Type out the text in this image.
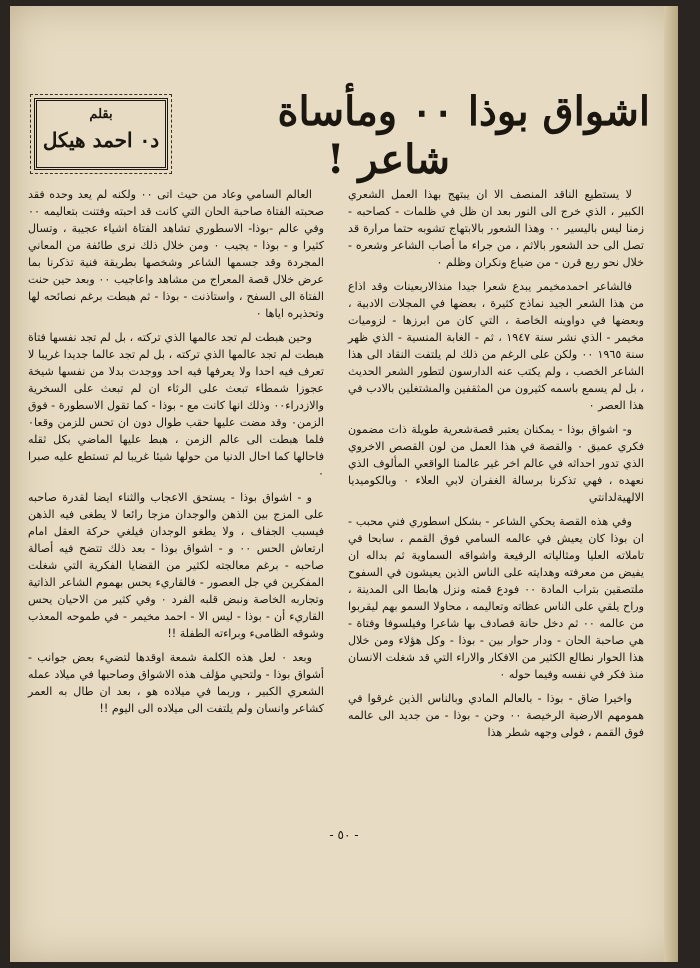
اشواق بوذا ٠٠ ومأساة
شاعر !
بقلم
د٠ احمد هيكل

لا يستطيع الناقد المنصف الا ان يبتهج بهذا العمل الشعري الكبير ، الذي خرج الى النور بعد ان ظل في ظلمات - كصاحبه - زمنا ليس باليسير ٠٠ وهذا الشعور بالابتهاج تشوبه حتما مرارة قد تصل الى حد الشعور بالاثم ، من جراء ما أصاب الشاعر وشعره - خلال نحو ربع قرن - من ضياع ونكران وظلم ٠

فالشاعر احمدمخيمر يبدع شعرا جيدا منذالاربعينات وقد اذاع من هذا الشعر الجيد نماذج كثيرة ، بعضها في المجلات الادبية ، وبعضها في دواوينه الخاصة ، التي كان من ابرزها - لزوميات مخيمر - الذي نشر سنة ١٩٤٧ ، ثم - الغابة المنسية - الذي ظهر سنة ١٩٦٥ ٠٠ ولكن على الرغم من ذلك لم يلتفت النقاد الى هذا الشاعر الخصب ، ولم يكتب عنه الدارسون لتطور الشعر الحديث ، بل لم يسمع باسمه كثيرون من المثقفين والمشتغلين بالادب في هذا العصر ٠

و- اشواق بوذا - يمكنان يعتبر قصةشعرية طويلة ذات مضمون فكري عميق ٠ والقصة في هذا العمل من لون القصص الاخروي الذي تدور احداثه في عالم اخر غير عالمنا الواقعي المألوف الذي نعهده ، فهي تذكرنا برسالة الغفران لابي العلاء ٠ وبالكوميديا الالهيةلدانتي

وفي هذه القصة يحكي الشاعر - بشكل اسطوري فني محبب - ان بوذا كان يعيش في عالمه السامي فوق القمم ، سابحا في تاملاته العليا ومثالياته الرفيعة واشواقه السماوية ثم بداله ان يفيض من معرفته وهدايته على الناس الذين يعيشون في السفوح ملتصقين بتراب المادة ٠٠ فودع قمته ونزل هابطا الى المدينة ، وراح يلقي على الناس عظاته وتعاليمه ، محاولا السمو بهم ليقربوا من عالمه ٠٠ ثم دخل حانة فصادف بها شاعرا وفيلسوفا وفتاة - هي صاحبة الحان - ودار حوار بين - بوذا - وكل هؤلاء ومن خلال هذا الحوار نطالع الكثير من الافكار والاراء التي قد شغلت الانسان منذ فكر في نفسه وفيما حوله ٠

واخيرا ضاق - بوذا - بالعالم المادي وبالناس الذين غرقوا في همومهم الارضية الرخيصة ٠٠ وحن - بوذا - من جديد الى عالمه فوق القمم ، فولى وجهه شطر هذا

العالم السامي وعاد من حيث اتى ٠٠ ولكنه لم يعد وحده فقد صحبته الفتاة صاحبة الحان التي كانت قد احبته وفتنت بتعاليمه ٠٠ وفي عالم -بوذا- الاسطوري تشاهد الفتاة اشياء عجيبة ، وتسال كثيرا و - بوذا - يجيب ٠ ومن خلال ذلك نرى طائفة من المعاني المجردة وقد جسمها الشاعر وشخصها بطريقة فنية تذكرنا بما عرض خلال قصة المعراج من مشاهد واعاجيب ٠٠ وبعد حين حنت الفتاة الى السفح ، واستاذنت - بوذا - ثم هبطت برغم نصائحه لها وتحذيره اياها ٠

وحين هبطت لم تجد عالمها الذي تركته ، بل لم تجد نفسها فتاة هبطت لم تجد عالمها الذي تركته ، بل لم تجد عالما جديدا غريبا لا تعرف فيه احدا ولا يعرفها فيه احد ووجدت بدلا من نفسها شيخة عجوزا شمطاء تبعث على الرثاء ان لم تبعث على السخرية والازدراء٠٠ وذلك انها كانت مع - بوذا - كما تقول الاسطورة - فوق الزمن٠ وقد مضت عليها حقب طوال دون ان تحس للزمن وقعا٠ فلما هبطت الى عالم الزمن ، هبط عليها الماضي بكل ثقله فاحالها كما احال الدنيا من حولها شيئا غريبا لم تستطع عليه صبرا ٠

و - اشواق بوذا - يستحق الاعجاب والثناء ايضا لقدرة صاحبه على المزج بين الذهن والوجدان مزجا رائعا لا يطغى فيه الذهن فيسبب الجفاف ، ولا يطغو الوجدان فيلغي حركة العقل امام ارتعاش الحس ٠٠ و - اشواق بوذا - بعد ذلك تتضح فيه أصالة صاحبه - برغم معالجته لكثير من القضايا الفكرية التي شغلت المفكرين في جل العصور - فالقاريء يحس بهموم الشاعر الذاتية وتجاربه الخاصة ونبض قلبه الفرد ٠ وفي كثير من الاحيان يحس القاريء أن - بوذا - ليس الا - احمد مخيمر - في طموحه المعذب وشوقه الظامىء وبراءته الطفلة !!

وبعد ٠ لعل هذه الكلمة شمعة اوقدها لتضيء بعض جوانب - أشواق بوذا - ولتحيي مؤلف هذه الاشواق وصاحبها في ميلاد عمله الشعري الكبير ، وربما في ميلاده هو ، بعد ان طال به العمر كشاعر وانسان ولم يلتفت الى ميلاده الى اليوم !!

- ٥٠ -
